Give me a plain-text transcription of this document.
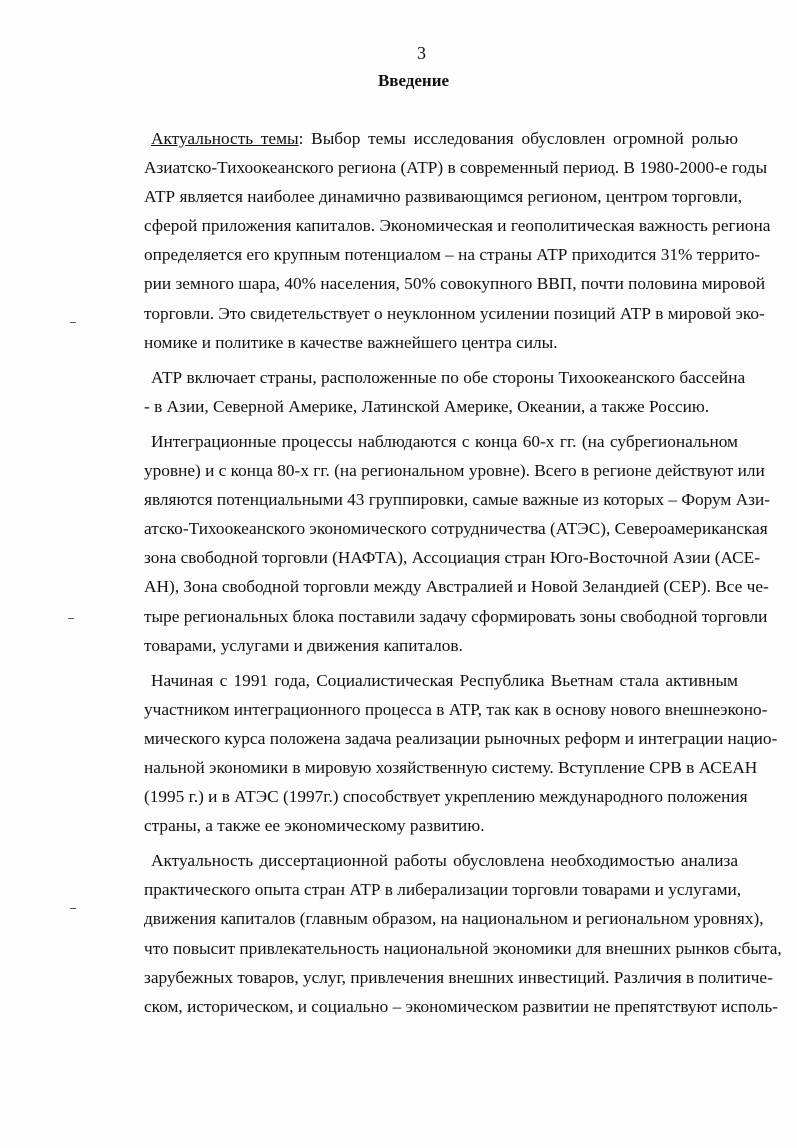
3
Введение
Актуальность темы: Выбор темы исследования обусловлен огромной ролью
Азиатско-Тихоокеанского региона (АТР) в современный период. В 1980-2000-е годы
АТР является наиболее динамично развивающимся регионом, центром торговли,
сферой приложения капиталов. Экономическая и геополитическая важность региона
определяется его крупным потенциалом – на страны АТР приходится 31% террито-
рии земного шара, 40% населения, 50% совокупного ВВП, почти половина мировой
торговли. Это свидетельствует о неуклонном усилении позиций АТР в мировой эко-
номике и политике в качестве важнейшего центра силы.
АТР включает страны, расположенные по обе стороны Тихоокеанского бассейна
- в Азии, Северной Америке, Латинской Америке, Океании, а также Россию.
Интеграционные процессы наблюдаются с конца 60-х гг. (на субрегиональном
уровне) и с конца 80-х гг. (на региональном уровне). Всего в регионе действуют или
являются потенциальными 43 группировки, самые важные из которых – Форум Ази-
атско-Тихоокеанского экономического сотрудничества (АТЭС), Североамериканская
зона свободной торговли (НАФТА), Ассоциация стран Юго-Восточной Азии (АСЕ-
АН), Зона свободной торговли между Австралией и Новой Зеландией (СЕР). Все че-
тыре региональных блока поставили задачу сформировать зоны свободной торговли
товарами, услугами и движения капиталов.
Начиная с 1991 года, Социалистическая Республика Вьетнам стала активным
участником интеграционного процесса в АТР, так как в основу нового внешнеэконо-
мического курса положена задача реализации рыночных реформ и интеграции нацио-
нальной экономики в мировую хозяйственную систему. Вступление СРВ в АСЕАН
(1995 г.) и в АТЭС (1997г.) способствует укреплению международного положения
страны, а также ее экономическому развитию.
Актуальность диссертационной работы обусловлена необходимостью анализа
практического опыта стран АТР в либерализации торговли товарами и услугами,
движения капиталов (главным образом, на национальном и региональном уровнях),
что повысит привлекательность национальной экономики для внешних рынков сбыта,
зарубежных товаров, услуг, привлечения внешних инвестиций. Различия в политиче-
ском, историческом, и социально – экономическом развитии не препятствуют исполь-
